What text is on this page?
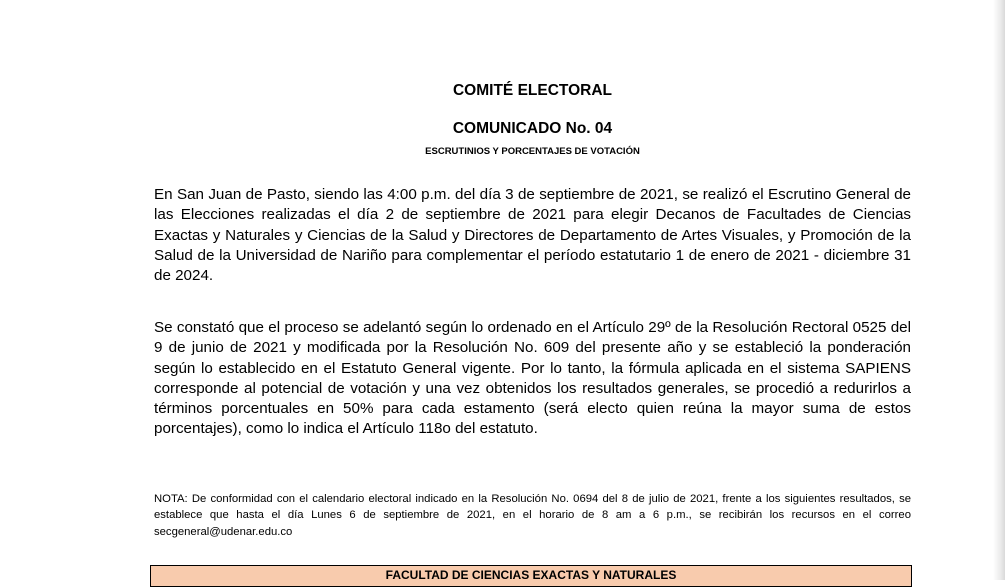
COMITÉ ELECTORAL
COMUNICADO No. 04
ESCRUTINIOS Y PORCENTAJES DE VOTACIÓN
En San Juan de Pasto, siendo las 4:00 p.m. del día 3 de septiembre de 2021, se realizó el Escrutino General de las Elecciones realizadas el día 2 de septiembre de 2021 para elegir Decanos de Facultades de Ciencias Exactas y Naturales y Ciencias de la Salud y Directores de Departamento de Artes Visuales, y Promoción de la Salud de la Universidad de Nariño para complementar el período estatutario 1 de enero de 2021 - diciembre 31 de 2024.
Se constató que el proceso se adelantó según lo ordenado en el Artículo 29º de la Resolución Rectoral 0525 del 9 de junio de 2021 y modificada por la Resolución No. 609 del presente año y se estableció la ponderación según lo establecido en el Estatuto General vigente. Por lo tanto, la fórmula aplicada en el sistema SAPIENS corresponde al potencial de votación y una vez obtenidos los resultados generales, se procedió a redurirlos a términos porcentuales en 50% para cada estamento (será electo quien reúna la mayor suma de estos porcentajes), como lo indica el Artículo 118o del estatuto.
NOTA: De conformidad con el calendario electoral indicado en la Resolución No. 0694 del 8 de julio de 2021, frente a los siguientes resultados, se establece que hasta el día Lunes 6 de septiembre de 2021, en el horario de 8 am a 6 p.m., se recibirán los recursos en el correo secgeneral@udenar.edu.co
FACULTAD DE CIENCIAS EXACTAS Y NATURALES
